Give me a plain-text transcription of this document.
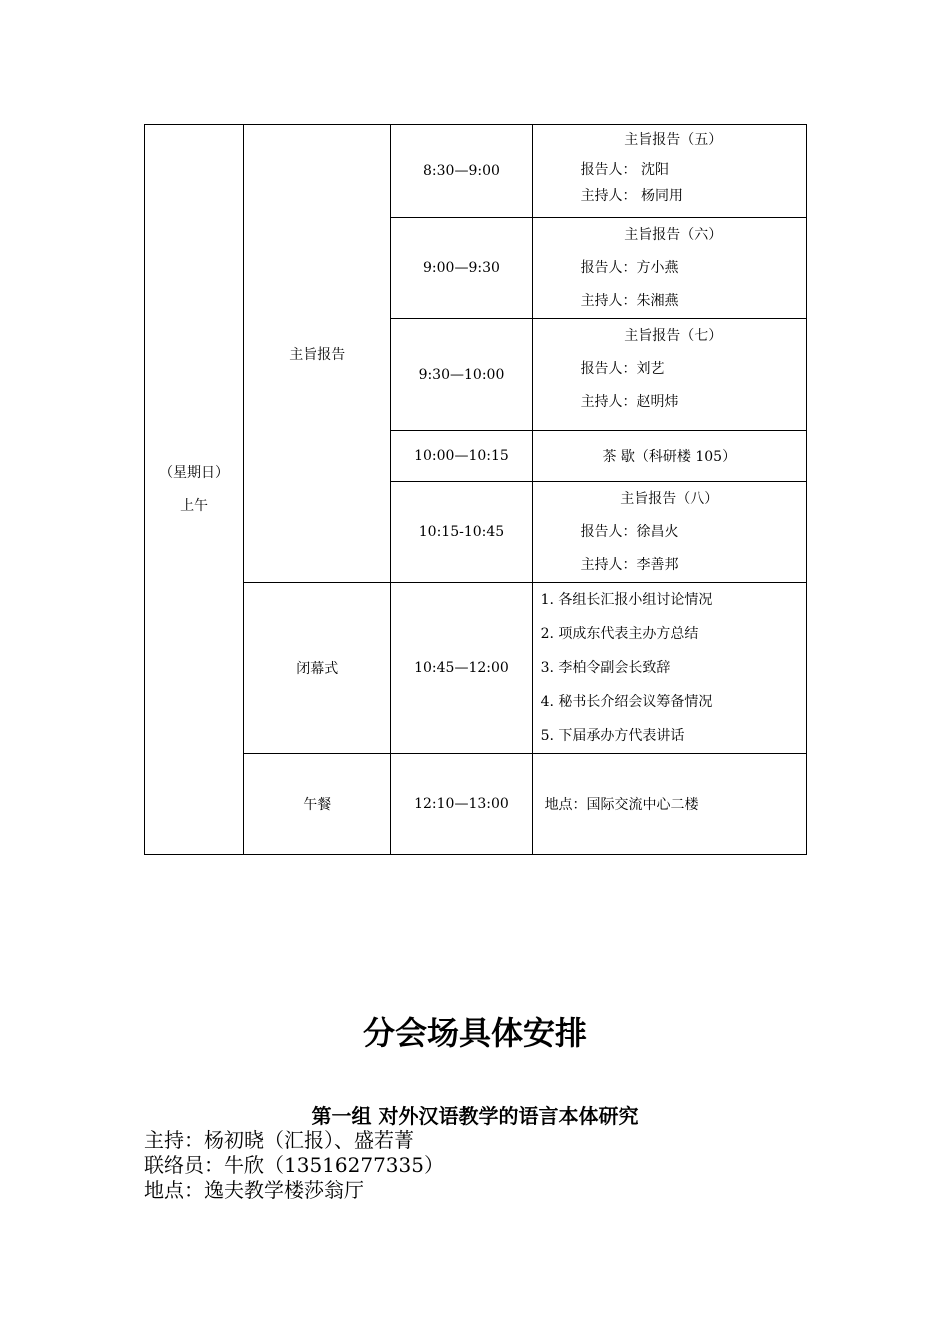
（星期日）
上午	主旨报告	8:30—9:00	主旨报告（五）
报告人： 沈阳
主持人： 杨同用

		9:00—9:30	主旨报告（六）
报告人：方小燕
主持人：朱湘燕

		9:30—10:00	主旨报告（七）
报告人：刘艺
主持人：赵明炜

		10:00—10:15	茶 歇（科研楼 105）
		10:15-10:45	主旨报告（八）
报告人：徐昌火
主持人：李善邦

	闭幕式	10:45—12:00	1. 各组长汇报小组讨论情况
2. 项成东代表主办方总结
3. 李柏令副会长致辞
4. 秘书长介绍会议筹备情况
5. 下届承办方代表讲话

	午餐	12:10—13:00	地点：国际交流中心二楼
分会场具体安排
第一组 对外汉语教学的语言本体研究
主持：杨初晓（汇报）、盛若菁
联络员：牛欣（13516277335）
地点：逸夫教学楼莎翁厅
